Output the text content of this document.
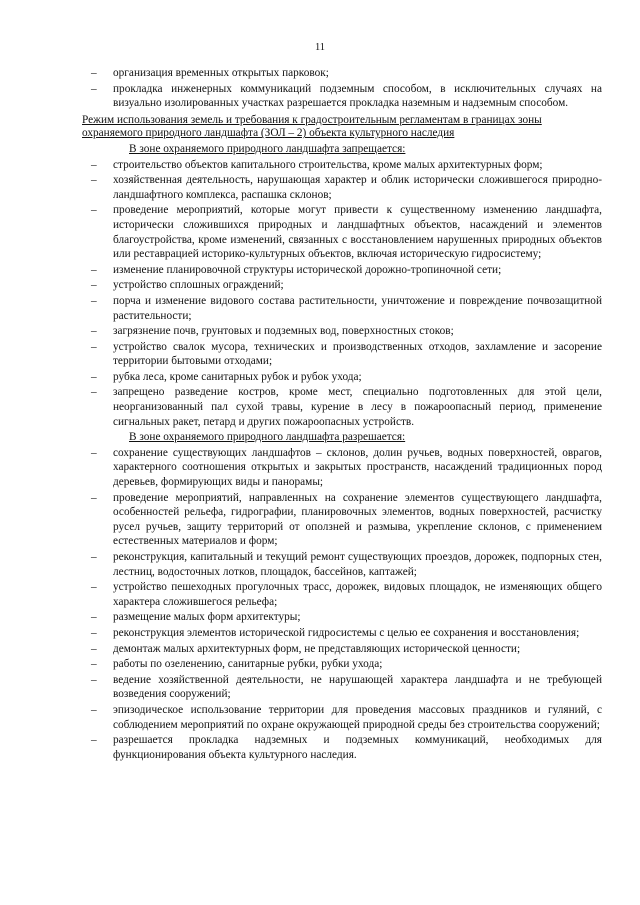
11
– организация временных открытых парковок;
– прокладка инженерных коммуникаций подземным способом, в исключительных случаях на визуально изолированных участках разрешается прокладка наземным и надземным способом.
Режим использования земель и требования к градостроительным регламентам в границах зоны охраняемого природного ландшафта (ЗОЛ – 2) объекта культурного наследия
В зоне охраняемого природного ландшафта запрещается:
– строительство объектов капитального строительства, кроме малых архитектурных форм;
– хозяйственная деятельность, нарушающая характер и облик исторически сложившегося природно-ландшафтного комплекса, распашка склонов;
– проведение мероприятий, которые могут привести к существенному изменению ландшафта, исторически сложившихся природных и ландшафтных объектов, насаждений и элементов благоустройства, кроме изменений, связанных с восстановлением нарушенных природных объектов или реставрацией историко-культурных объектов, включая историческую гидросистему;
– изменение планировочной структуры исторической дорожно-тропиночной сети;
– устройство сплошных ограждений;
– порча и изменение видового состава растительности, уничтожение и повреждение почвозащитной растительности;
– загрязнение почв, грунтовых и подземных вод, поверхностных стоков;
– устройство свалок мусора, технических и производственных отходов, захламление и засорение территории бытовыми отходами;
– рубка леса, кроме санитарных рубок и рубок ухода;
– запрещено разведение костров, кроме мест, специально подготовленных для этой цели, неорганизованный пал сухой травы, курение в лесу в пожароопасный период, применение сигнальных ракет, петард и других пожароопасных устройств.
В зоне охраняемого природного ландшафта разрешается:
– сохранение существующих ландшафтов – склонов, долин ручьев, водных поверхностей, оврагов, характерного соотношения открытых и закрытых пространств, насаждений традиционных пород деревьев, формирующих виды и панорамы;
– проведение мероприятий, направленных на сохранение элементов существующего ландшафта, особенностей рельефа, гидрографии, планировочных элементов, водных поверхностей, расчистку русел ручьев, защиту территорий от оползней и размыва, укрепление склонов, с применением естественных материалов и форм;
– реконструкция, капитальный и текущий ремонт существующих проездов, дорожек, подпорных стен, лестниц, водосточных лотков, площадок, бассейнов, каптажей;
– устройство пешеходных прогулочных трасс, дорожек, видовых площадок, не изменяющих общего характера сложившегося рельефа;
– размещение малых форм архитектуры;
– реконструкция элементов исторической гидросистемы с целью ее сохранения и восстановления;
– демонтаж малых архитектурных форм, не представляющих исторической ценности;
– работы по озеленению, санитарные рубки, рубки ухода;
– ведение хозяйственной деятельности, не нарушающей характера ландшафта и не требующей возведения сооружений;
– эпизодическое использование территории для проведения массовых праздников и гуляний, с соблюдением мероприятий по охране окружающей природной среды без строительства сооружений;
– разрешается прокладка надземных и подземных коммуникаций, необходимых для функционирования объекта культурного наследия.
